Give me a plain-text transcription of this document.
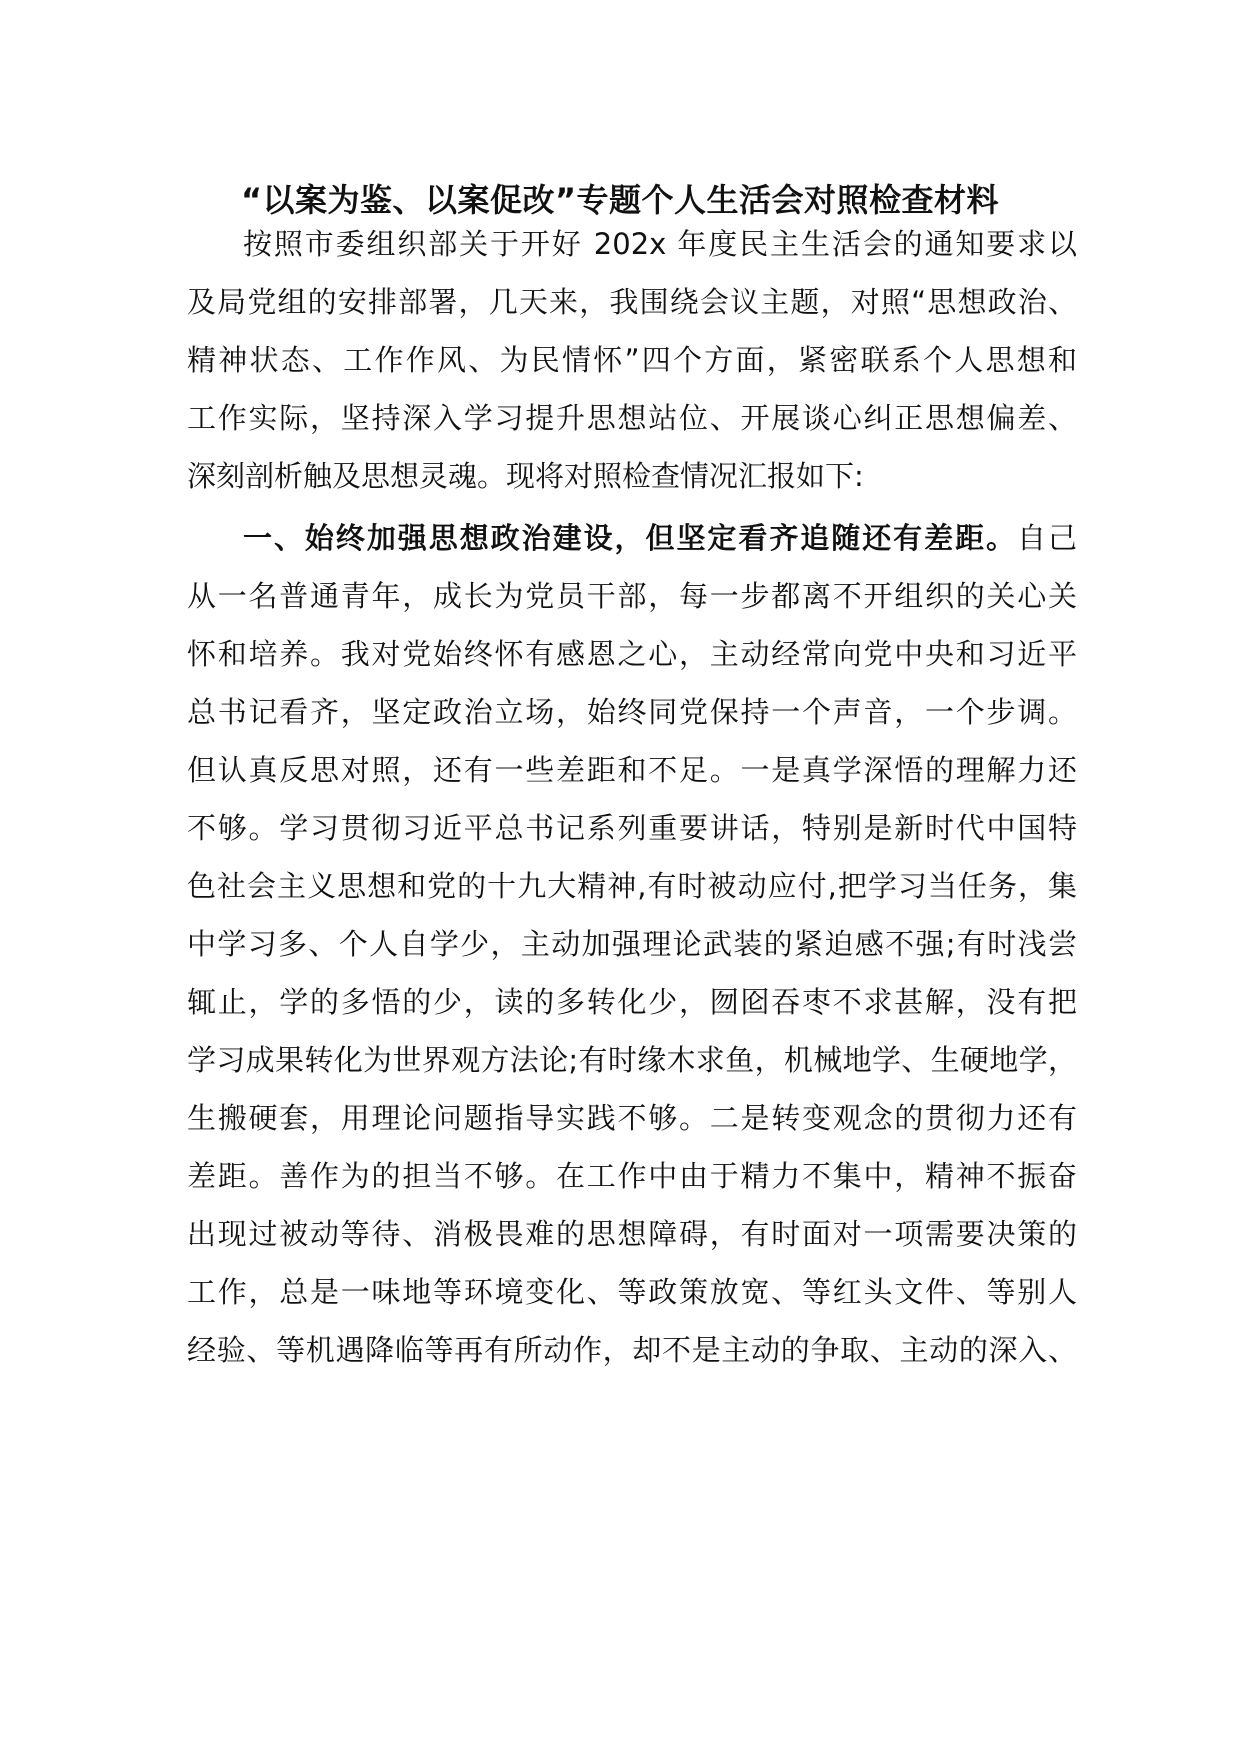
“以案为鉴、以案促改”专题个人生活会对照检查材料
按照市委组织部关于开好 202x 年度民主生活会的通知要求以
及局党组的安排部署，几天来，我围绕会议主题，对照“思想政治、
精神状态、工作作风、为民情怀”四个方面，紧密联系个人思想和
工作实际，坚持深入学习提升思想站位、开展谈心纠正思想偏差、
深刻剖析触及思想灵魂。现将对照检查情况汇报如下:
一、始终加强思想政治建设，但坚定看齐追随还有差距。自己
从一名普通青年，成长为党员干部，每一步都离不开组织的关心关
怀和培养。我对党始终怀有感恩之心，主动经常向党中央和习近平
总书记看齐，坚定政治立场，始终同党保持一个声音，一个步调。
但认真反思对照，还有一些差距和不足。一是真学深悟的理解力还
不够。学习贯彻习近平总书记系列重要讲话，特别是新时代中国特
色社会主义思想和党的十九大精神,有时被动应付,把学习当任务，集
中学习多、个人自学少，主动加强理论武装的紧迫感不强;有时浅尝
辄止，学的多悟的少，读的多转化少，囫囵吞枣不求甚解，没有把
学习成果转化为世界观方法论;有时缘木求鱼，机械地学、生硬地学，
生搬硬套，用理论问题指导实践不够。二是转变观念的贯彻力还有
差距。善作为的担当不够。在工作中由于精力不集中，精神不振奋
出现过被动等待、消极畏难的思想障碍，有时面对一项需要决策的
工作，总是一味地等环境变化、等政策放宽、等红头文件、等别人
经验、等机遇降临等再有所动作，却不是主动的争取、主动的深入、
